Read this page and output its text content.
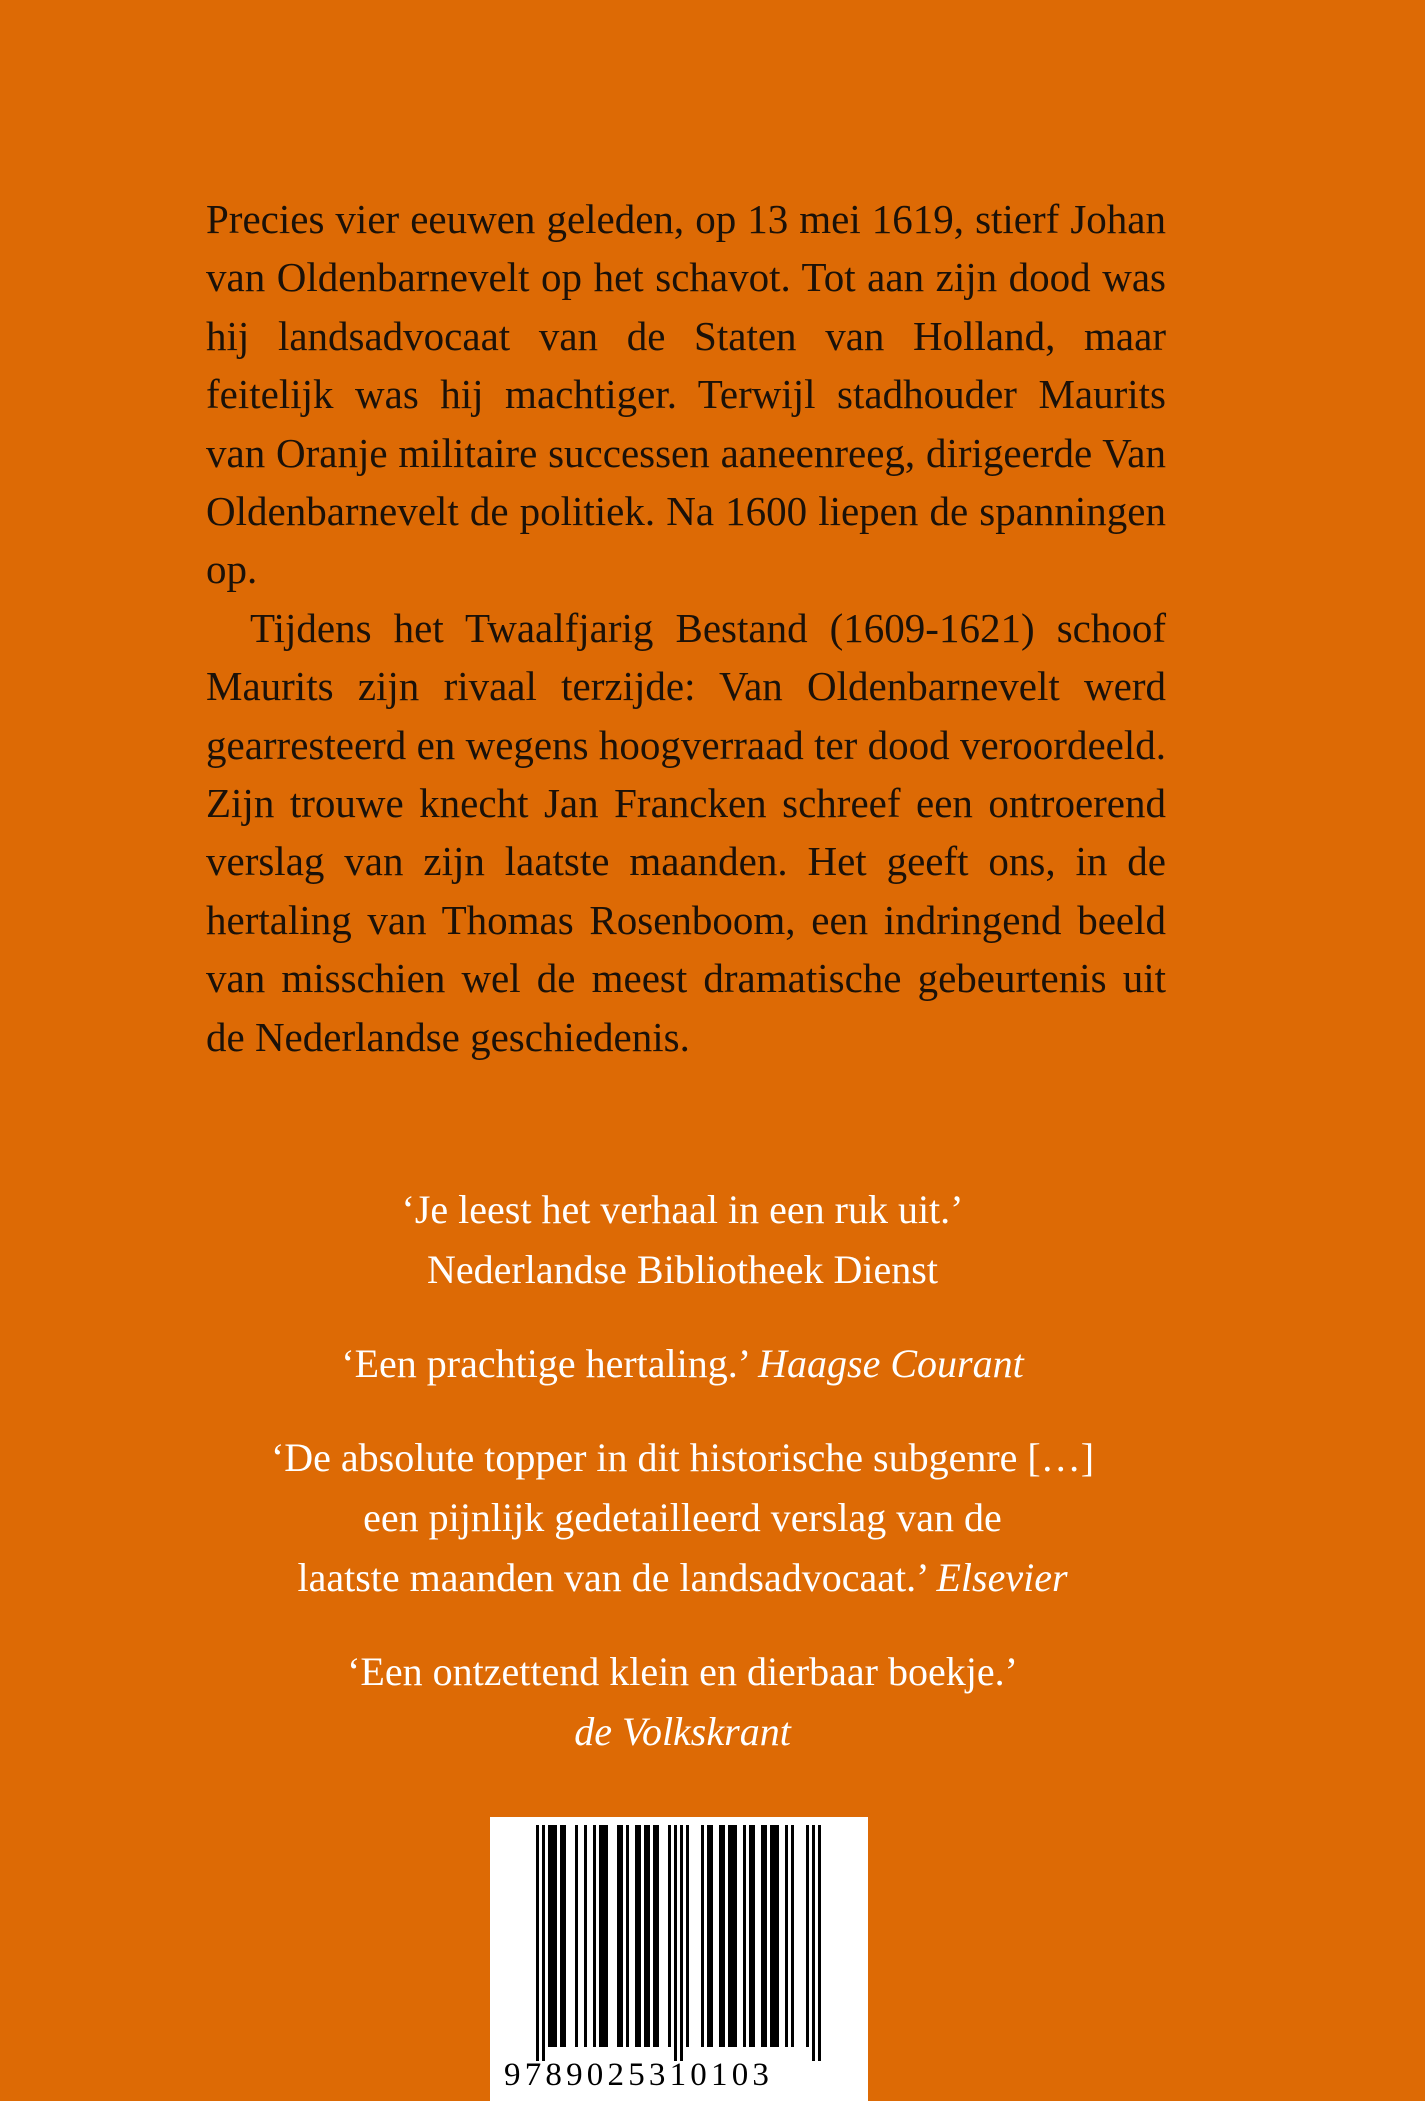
Precies vier eeuwen geleden, op 13 mei 1619, stierf Johan van Oldenbarnevelt op het schavot. Tot aan zijn dood was hij landsadvocaat van de Staten van Holland, maar feitelijk was hij machtiger. Terwijl stadhouder Maurits van Oranje militaire successen aaneenreeg, dirigeerde Van Oldenbarnevelt de politiek. Na 1600 liepen de spanningen op.

Tijdens het Twaalfjarig Bestand (1609-1621) schoof Maurits zijn rivaal terzijde: Van Oldenbarnevelt werd gearresteerd en wegens hoogverraad ter dood veroordeeld. Zijn trouwe knecht Jan Francken schreef een ontroerend verslag van zijn laatste maanden. Het geeft ons, in de hertaling van Thomas Rosenboom, een indringend beeld van misschien wel de meest dramatische gebeurtenis uit de Nederlandse geschiedenis.

‘Je leest het verhaal in een ruk uit.’
Nederlandse Bibliotheek Dienst
‘Een prachtige hertaling.’ Haagse Courant
‘De absolute topper in dit historische subgenre […]
een pijnlijk gedetailleerd verslag van de
laatste maanden van de landsadvocaat.’ Elsevier
‘Een ontzettend klein en dierbaar boekje.’
de Volkskrant
9789025310103
